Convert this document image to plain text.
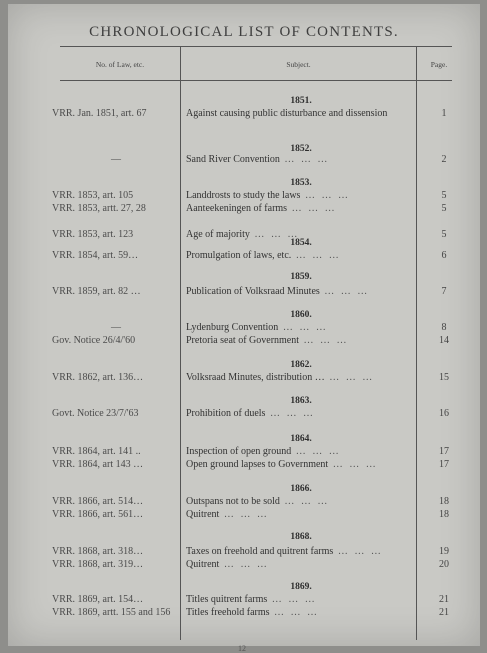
CHRONOLOGICAL LIST OF CONTENTS.
No. of Law, etc.	Subject.	Page.
1851.
VRR. Jan. 1851, art. 67	Against causing public disturbance and dissension	1
1852.
—	Sand River Convention … … …	2
1853.
VRR. 1853, art. 105	Landdrosts to study the laws … … …	5
VRR. 1853, artt. 27, 28	Aanteekeningen of farms … … …	5
VRR. 1853, art. 123	Age of majority … … …	5
1854.
VRR. 1854, art. 59…	Promulgation of laws, etc. … … …	6
1859.
VRR. 1859, art. 82 …	Publication of Volksraad Minutes … … …	7
1860.
—	Lydenburg Convention … … …	8
Gov. Notice 26/4/'60	Pretoria seat of Government … … …	14
1862.
VRR. 1862, art. 136…	Volksraad Minutes, distribution … … … …	15
1863.
Govt. Notice 23/7/'63	Prohibition of duels … … …	16
1864.
VRR. 1864, art. 141 ..	Inspection of open ground … … …	17
VRR. 1864, art 143 …	Open ground lapses to Government … … …	17
1866.
VRR. 1866, art. 514…	Outspans not to be sold … … …	18
VRR. 1866, art. 561…	Quitrent … … …	18
1868.
VRR. 1868, art. 318…	Taxes on freehold and quitrent farms … … …	19
VRR. 1868, art. 319…	Quitrent … … …	20
1869.
VRR. 1869, art. 154…	Titles quitrent farms … … …	21
VRR. 1869, artt. 155 and 156	Titles freehold farms … … …	21
12
